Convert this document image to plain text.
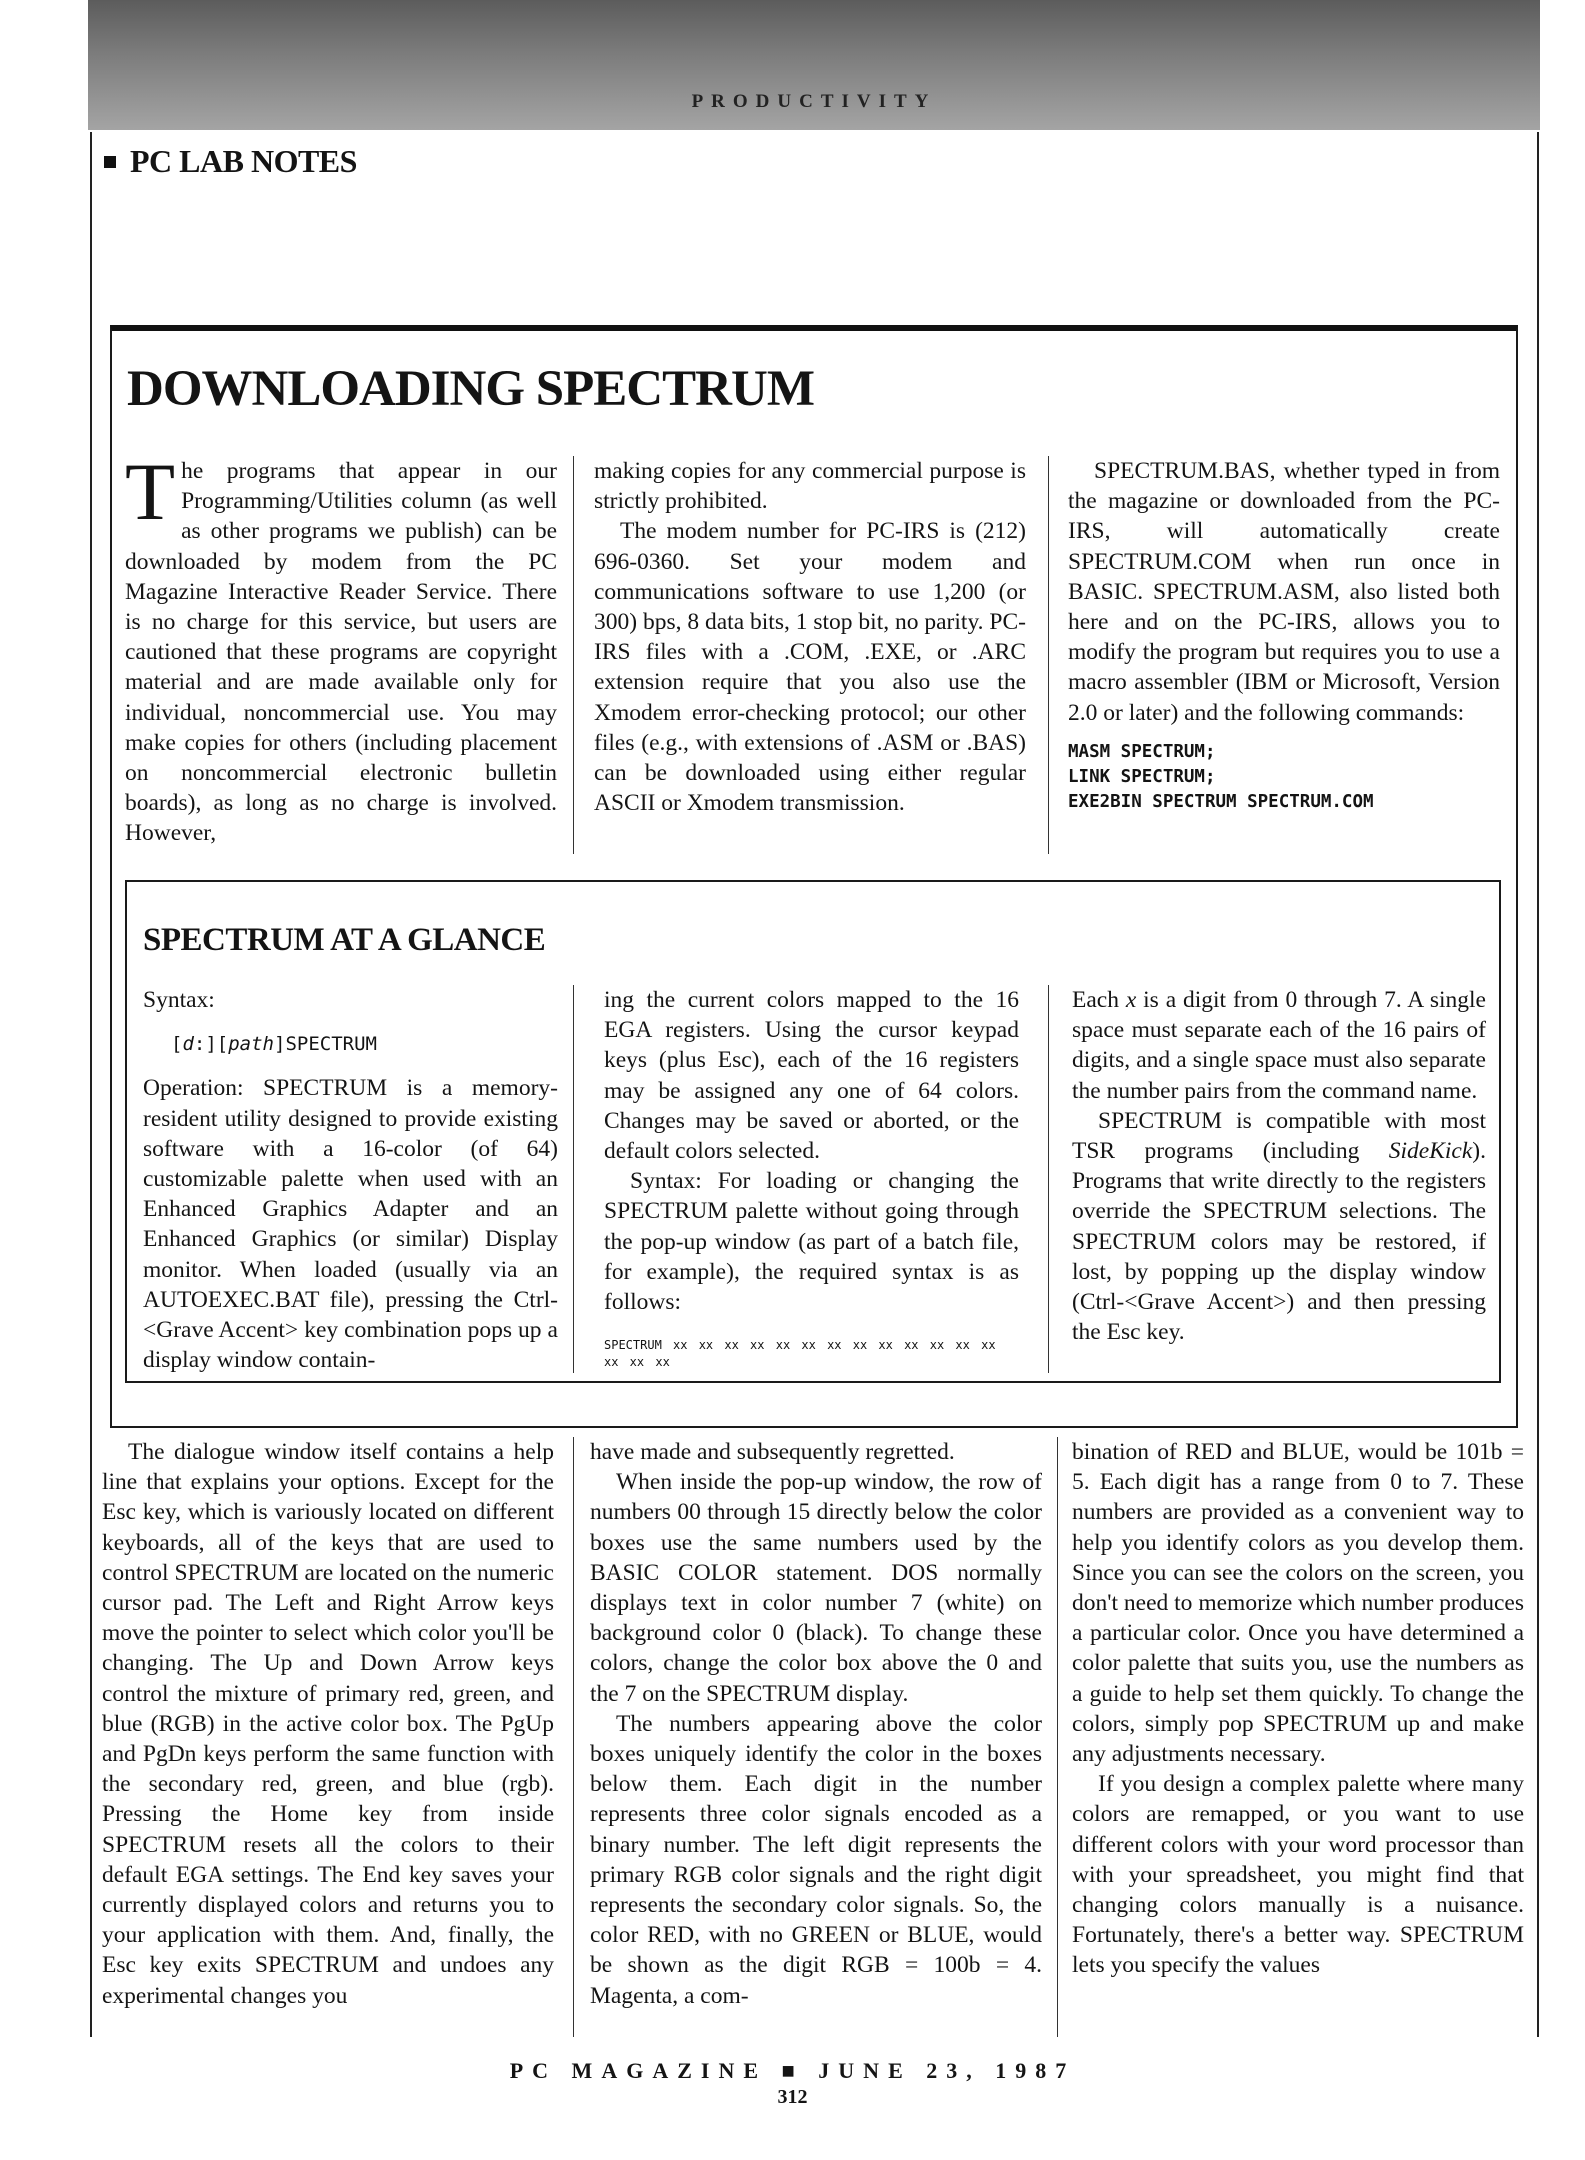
PRODUCTIVITY
PC LAB NOTES
DOWNLOADING SPECTRUM

The programs that appear in our Programming/Utilities column (as well as other programs we publish) can be downloaded by modem from the PC Magazine Interactive Reader Service. There is no charge for this service, but users are cautioned that these programs are copyright material and are made available only for individual, noncommercial use. You may make copies for others (including placement on noncommercial electronic bulletin boards), as long as no charge is involved. However,

making copies for any commercial purpose is strictly prohibited.

The modem number for PC-IRS is (212) 696-0360. Set your modem and communications software to use 1,200 (or 300) bps, 8 data bits, 1 stop bit, no parity. PC-IRS files with a .COM, .EXE, or .ARC extension require that you also use the Xmodem error-checking protocol; our other files (e.g., with extensions of .ASM or .BAS) can be downloaded using either regular ASCII or Xmodem transmission.

SPECTRUM.BAS, whether typed in from the magazine or downloaded from the PC-IRS, will automatically create SPECTRUM.COM when run once in BASIC. SPECTRUM.ASM, also listed both here and on the PC-IRS, allows you to modify the program but requires you to use a macro assembler (IBM or Microsoft, Version 2.0 or later) and the following commands:

MASM SPECTRUM;
LINK SPECTRUM;
EXE2BIN SPECTRUM SPECTRUM.COM

SPECTRUM AT A GLANCE

Syntax:

[d:][path]SPECTRUM

Operation: SPECTRUM is a memory-resident utility designed to provide existing software with a 16-color (of 64) customizable palette when used with an Enhanced Graphics Adapter and an Enhanced Graphics (or similar) Display monitor. When loaded (usually via an AUTOEXEC.BAT file), pressing the Ctrl-<Grave Accent> key combination pops up a display window contain-

ing the current colors mapped to the 16 EGA registers. Using the cursor keypad keys (plus Esc), each of the 16 registers may be assigned any one of 64 colors. Changes may be saved or aborted, or the default colors selected.

Syntax: For loading or changing the SPECTRUM palette without going through the pop-up window (as part of a batch file, for example), the required syntax is as follows:

SPECTRUM xx xx xx xx xx xx xx xx xx xx xx xx xx xx xx xx

Each x is a digit from 0 through 7. A single space must separate each of the 16 pairs of digits, and a single space must also separate the number pairs from the command name.

SPECTRUM is compatible with most TSR programs (including SideKick). Programs that write directly to the registers override the SPECTRUM selections. The SPECTRUM colors may be restored, if lost, by popping up the display window (Ctrl-<Grave Accent>) and then pressing the Esc key.

The dialogue window itself contains a help line that explains your options. Except for the Esc key, which is variously located on different keyboards, all of the keys that are used to control SPECTRUM are located on the numeric cursor pad. The Left and Right Arrow keys move the pointer to select which color you'll be changing. The Up and Down Arrow keys control the mixture of primary red, green, and blue (RGB) in the active color box. The PgUp and PgDn keys perform the same function with the secondary red, green, and blue (rgb). Pressing the Home key from inside SPECTRUM resets all the colors to their default EGA settings. The End key saves your currently displayed colors and returns you to your application with them. And, finally, the Esc key exits SPECTRUM and undoes any experimental changes you

have made and subsequently regretted.

When inside the pop-up window, the row of numbers 00 through 15 directly below the color boxes use the same numbers used by the BASIC COLOR statement. DOS normally displays text in color number 7 (white) on background color 0 (black). To change these colors, change the color box above the 0 and the 7 on the SPECTRUM display.

The numbers appearing above the color boxes uniquely identify the color in the boxes below them. Each digit in the number represents three color signals encoded as a binary number. The left digit represents the primary RGB color signals and the right digit represents the secondary color signals. So, the color RED, with no GREEN or BLUE, would be shown as the digit RGB = 100b = 4. Magenta, a com-

bination of RED and BLUE, would be 101b = 5. Each digit has a range from 0 to 7. These numbers are provided as a convenient way to help you identify colors as you develop them. Since you can see the colors on the screen, you don't need to memorize which number produces a particular color. Once you have determined a color palette that suits you, use the numbers as a guide to help set them quickly. To change the colors, simply pop SPECTRUM up and make any adjustments necessary.

If you design a complex palette where many colors are remapped, or you want to use different colors with your word processor than with your spreadsheet, you might find that changing colors manually is a nuisance. Fortunately, there's a better way. SPECTRUM lets you specify the values

PC MAGAZINE ■ JUNE 23, 1987
312
